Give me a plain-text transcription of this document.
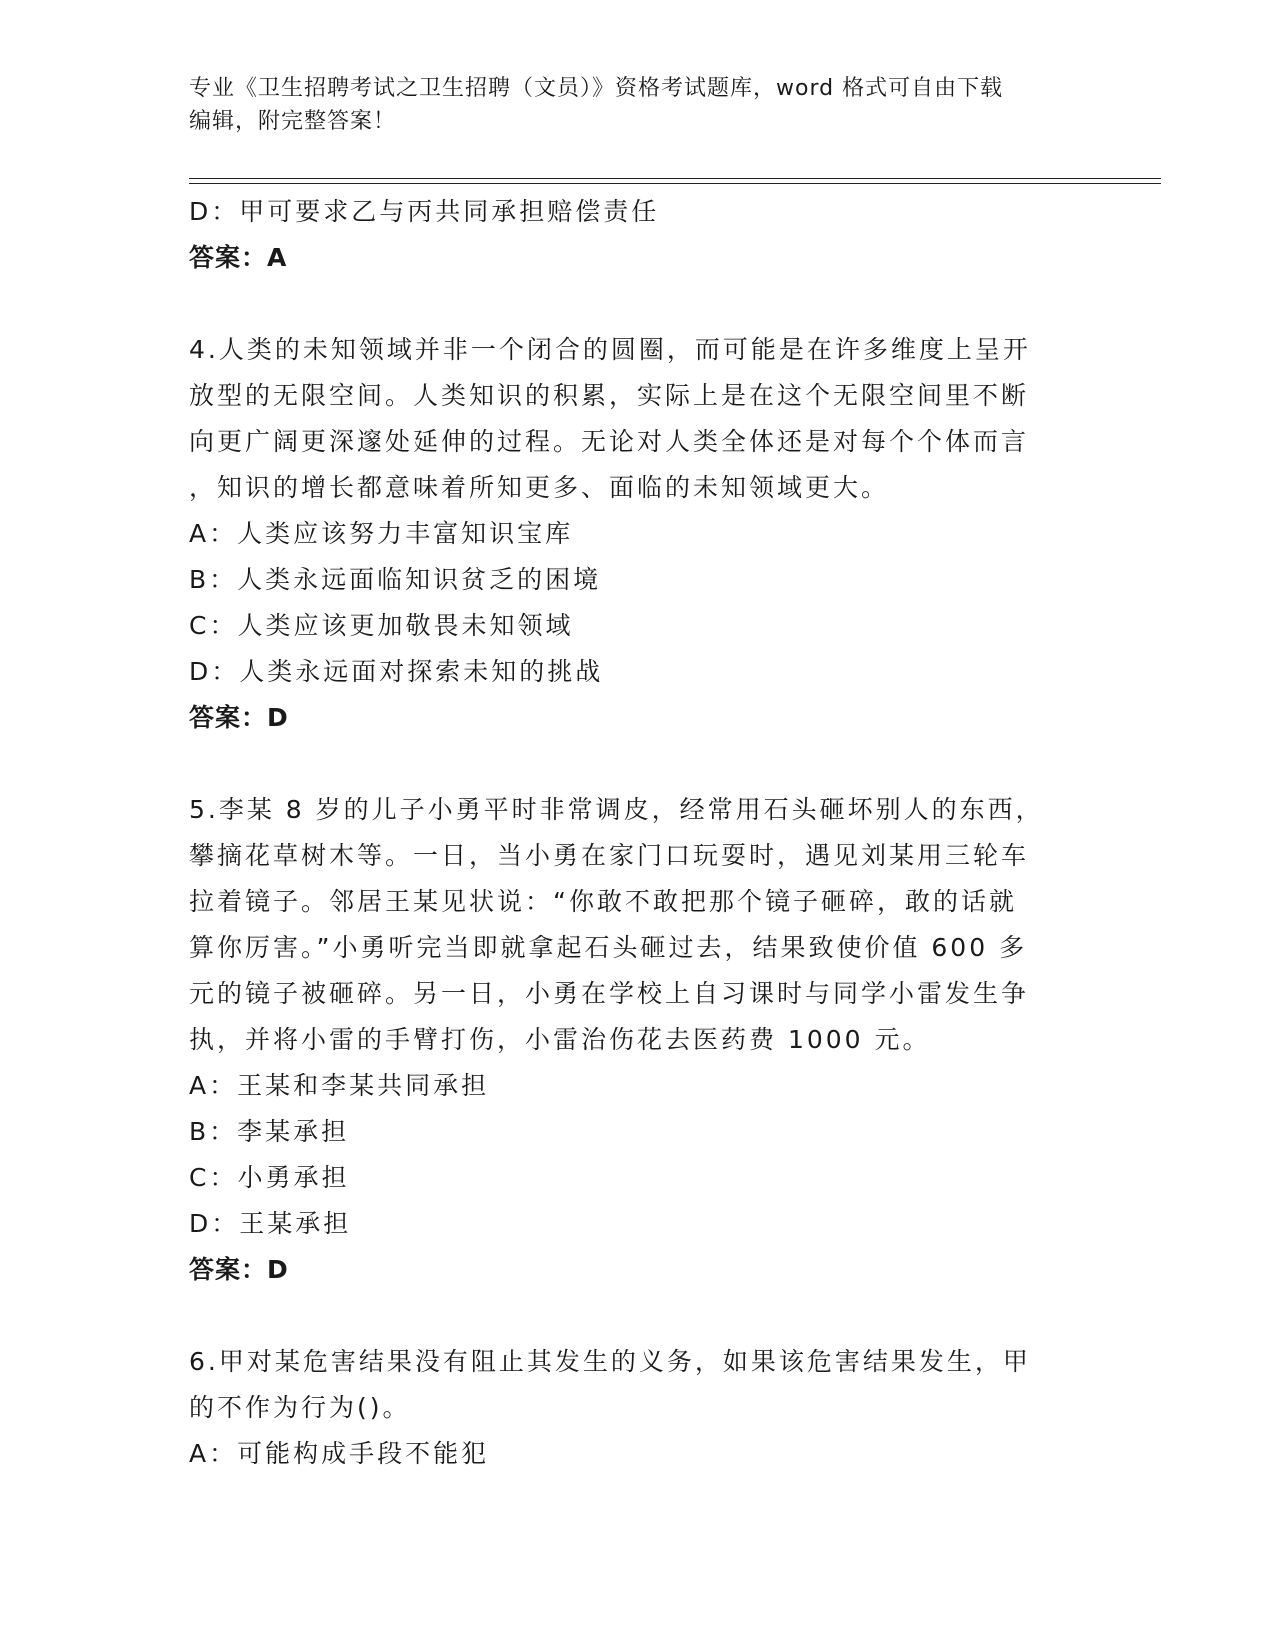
专业《卫生招聘考试之卫生招聘（文员）》资格考试题库，word 格式可自由下载
编辑，附完整答案！
D：甲可要求乙与丙共同承担赔偿责任
答案：A
4.人类的未知领域并非一个闭合的圆圈，而可能是在许多维度上呈开
放型的无限空间。人类知识的积累，实际上是在这个无限空间里不断
向更广阔更深邃处延伸的过程。无论对人类全体还是对每个个体而言
，知识的增长都意味着所知更多、面临的未知领域更大。
A：人类应该努力丰富知识宝库
B：人类永远面临知识贫乏的困境
C：人类应该更加敬畏未知领域
D：人类永远面对探索未知的挑战
答案：D
5.李某 8 岁的儿子小勇平时非常调皮，经常用石头砸坏别人的东西，
攀摘花草树木等。一日，当小勇在家门口玩耍时，遇见刘某用三轮车
拉着镜子。邻居王某见状说：“你敢不敢把那个镜子砸碎，敢的话就
算你厉害。”小勇听完当即就拿起石头砸过去，结果致使价值 600 多
元的镜子被砸碎。另一日，小勇在学校上自习课时与同学小雷发生争
执，并将小雷的手臂打伤，小雷治伤花去医药费 1000 元。
A：王某和李某共同承担
B：李某承担
C：小勇承担
D：王某承担
答案：D
6.甲对某危害结果没有阻止其发生的义务，如果该危害结果发生，甲
的不作为行为()。
A：可能构成手段不能犯
